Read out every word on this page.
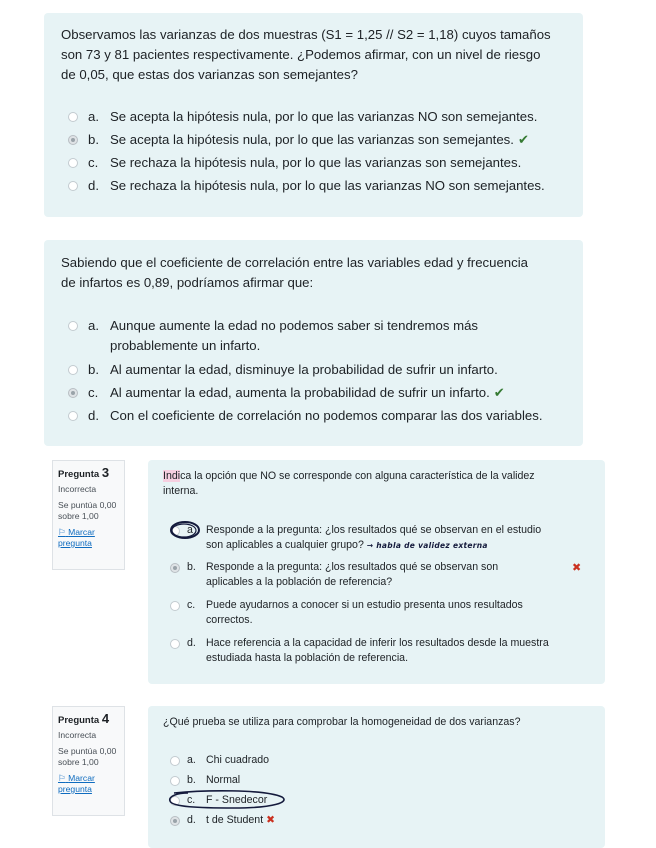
Observamos las varianzas de dos muestras (S1 = 1,25 // S2 = 1,18) cuyos tamaños
son 73 y 81 pacientes respectivamente. ¿Podemos afirmar, con un nivel de riesgo
de 0,05, que estas dos varianzas son semejantes?
a. Se acepta la hipótesis nula, por lo que las varianzas NO son semejantes.
b. Se acepta la hipótesis nula, por lo que las varianzas son semejantes. ✔
c. Se rechaza la hipótesis nula, por lo que las varianzas son semejantes.
d. Se rechaza la hipótesis nula, por lo que las varianzas NO son semejantes.
Sabiendo que el coeficiente de correlación entre las variables edad y frecuencia
de infartos es 0,89, podríamos afirmar que:
a. Aunque aumente la edad no podemos saber si tendremos más
probablemente un infarto.
b. Al aumentar la edad, disminuye la probabilidad de sufrir un infarto.
c. Al aumentar la edad, aumenta la probabilidad de sufrir un infarto. ✔
d. Con el coeficiente de correlación no podemos comparar las dos variables.
Pregunta 3
Incorrecta
Se puntúa 0,00
sobre 1,00
⚐ Marcar
pregunta
Indica la opción que NO se corresponde con alguna característica de la validez
interna.
a Responde a la pregunta: ¿los resultados qué se observan en el estudio
son aplicables a cualquier grupo? → habla de validez externa
b. Responde a la pregunta: ¿los resultados qué se observan son
aplicables a la población de referencia?
✖
c. Puede ayudarnos a conocer si un estudio presenta unos resultados
correctos.
d. Hace referencia a la capacidad de inferir los resultados desde la muestra
estudiada hasta la población de referencia.
Pregunta 4
Incorrecta
Se puntúa 0,00
sobre 1,00
⚐ Marcar
pregunta
¿Qué prueba se utiliza para comprobar la homogeneidad de dos varianzas?
a. Chi cuadrado
b. Normal
c. F - Snedecor
d. t de Student ✖
